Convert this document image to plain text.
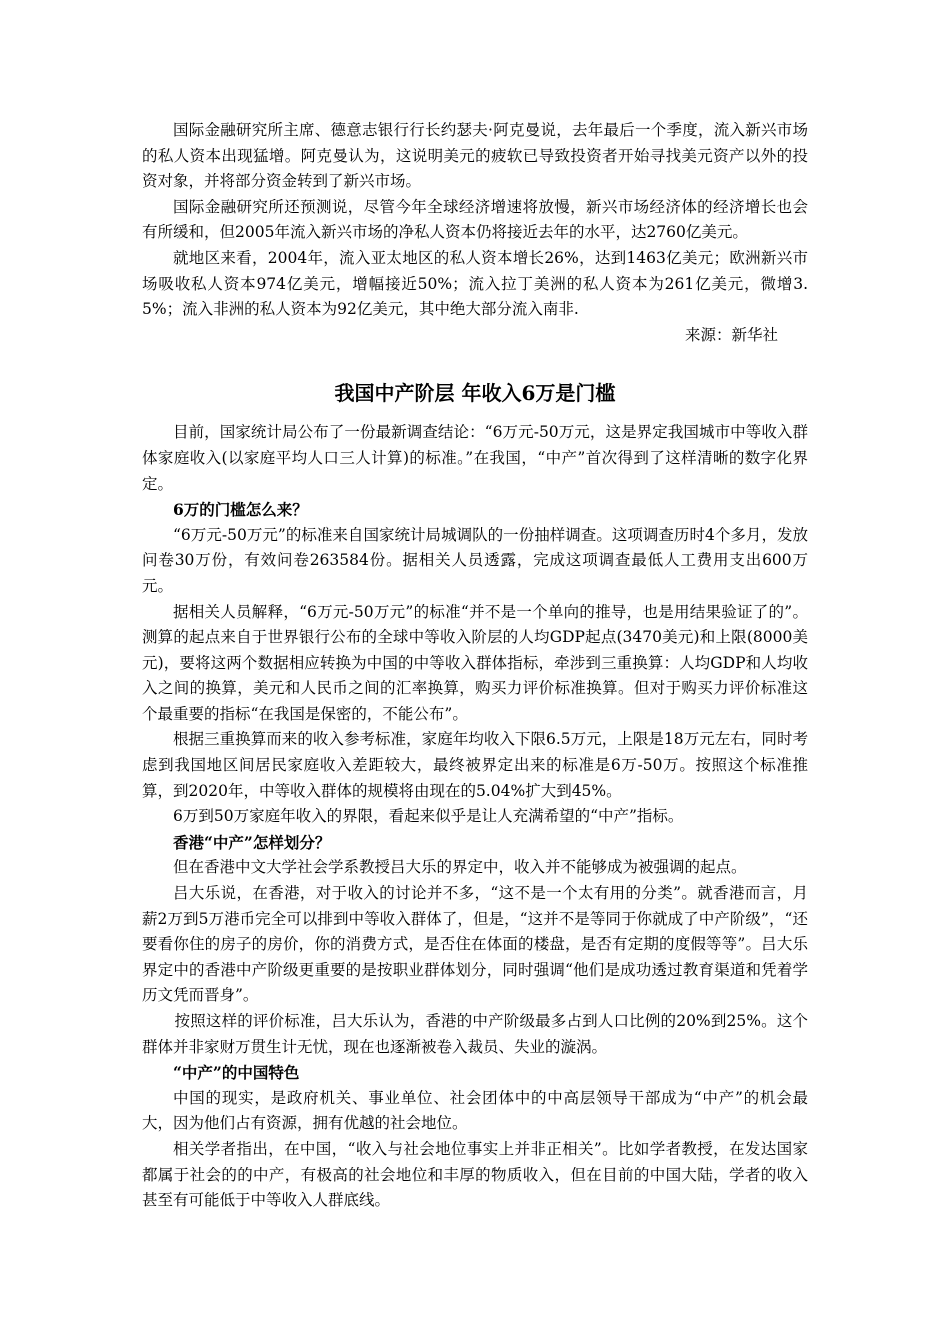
国际金融研究所主席、德意志银行行长约瑟夫·阿克曼说，去年最后一个季度，流入新兴市场的私人资本出现猛增。阿克曼认为，这说明美元的疲软已导致投资者开始寻找美元资产以外的投资对象，并将部分资金转到了新兴市场。

国际金融研究所还预测说，尽管今年全球经济增速将放慢，新兴市场经济体的经济增长也会有所缓和，但2005年流入新兴市场的净私人资本仍将接近去年的水平，达2760亿美元。

就地区来看，2004年，流入亚太地区的私人资本增长26%，达到1463亿美元；欧洲新兴市场吸收私人资本974亿美元，增幅接近50%；流入拉丁美洲的私人资本为261亿美元，微增3.5%；流入非洲的私人资本为92亿美元，其中绝大部分流入南非.

来源：新华社
我国中产阶层 年收入6万是门槛

目前，国家统计局公布了一份最新调查结论：“6万元-50万元，这是界定我国城市中等收入群体家庭收入(以家庭平均人口三人计算)的标准。”在我国，“中产”首次得到了这样清晰的数字化界定。

6万的门槛怎么来？

“6万元-50万元”的标准来自国家统计局城调队的一份抽样调查。这项调查历时4个多月，发放问卷30万份，有效问卷263584份。据相关人员透露，完成这项调查最低人工费用支出600万元。

据相关人员解释，“6万元-50万元”的标准“并不是一个单向的推导，也是用结果验证了的”。测算的起点来自于世界银行公布的全球中等收入阶层的人均GDP起点(3470美元)和上限(8000美元)，要将这两个数据相应转换为中国的中等收入群体指标，牵涉到三重换算：人均GDP和人均收入之间的换算，美元和人民币之间的汇率换算，购买力评价标准换算。但对于购买力评价标准这个最重要的指标“在我国是保密的，不能公布”。

根据三重换算而来的收入参考标准，家庭年均收入下限6.5万元，上限是18万元左右，同时考虑到我国地区间居民家庭收入差距较大，最终被界定出来的标准是6万-50万。按照这个标准推算，到2020年，中等收入群体的规模将由现在的5.04%扩大到45%。

6万到50万家庭年收入的界限，看起来似乎是让人充满希望的“中产”指标。

香港“中产”怎样划分？

但在香港中文大学社会学系教授吕大乐的界定中，收入并不能够成为被强调的起点。

吕大乐说，在香港，对于收入的讨论并不多，“这不是一个太有用的分类”。就香港而言，月薪2万到5万港币完全可以排到中等收入群体了，但是，“这并不是等同于你就成了中产阶级”，“还要看你住的房子的房价，你的消费方式，是否住在体面的楼盘，是否有定期的度假等等”。吕大乐界定中的香港中产阶级更重要的是按职业群体划分，同时强调“他们是成功透过教育渠道和凭着学历文凭而晋身”。

按照这样的评价标准，吕大乐认为，香港的中产阶级最多占到人口比例的20%到25%。这个群体并非家财万贯生计无忧，现在也逐渐被卷入裁员、失业的漩涡。

“中产”的中国特色

中国的现实，是政府机关、事业单位、社会团体中的中高层领导干部成为“中产”的机会最大，因为他们占有资源，拥有优越的社会地位。

相关学者指出，在中国，“收入与社会地位事实上并非正相关”。比如学者教授，在发达国家都属于社会的的中产，有极高的社会地位和丰厚的物质收入，但在目前的中国大陆，学者的收入甚至有可能低于中等收入人群底线。
